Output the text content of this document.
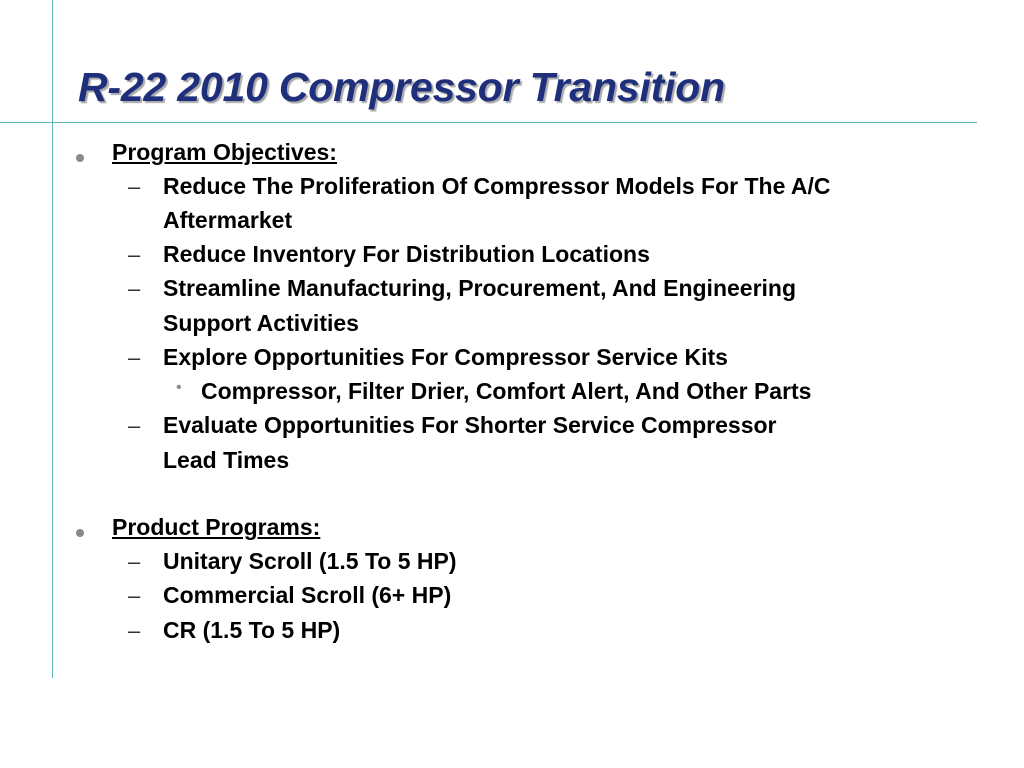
R-22 2010 Compressor Transition
Program Objectives:
– Reduce The Proliferation Of Compressor Models For The A/C
Aftermarket
– Reduce Inventory For Distribution Locations
– Streamline Manufacturing, Procurement, And Engineering
Support Activities
– Explore Opportunities For Compressor Service Kits
• Compressor, Filter Drier, Comfort Alert, And Other Parts
– Evaluate Opportunities For Shorter Service Compressor
Lead Times
Product Programs:
– Unitary Scroll (1.5 To 5 HP)
– Commercial Scroll (6+ HP)
– CR (1.5 To 5 HP)
